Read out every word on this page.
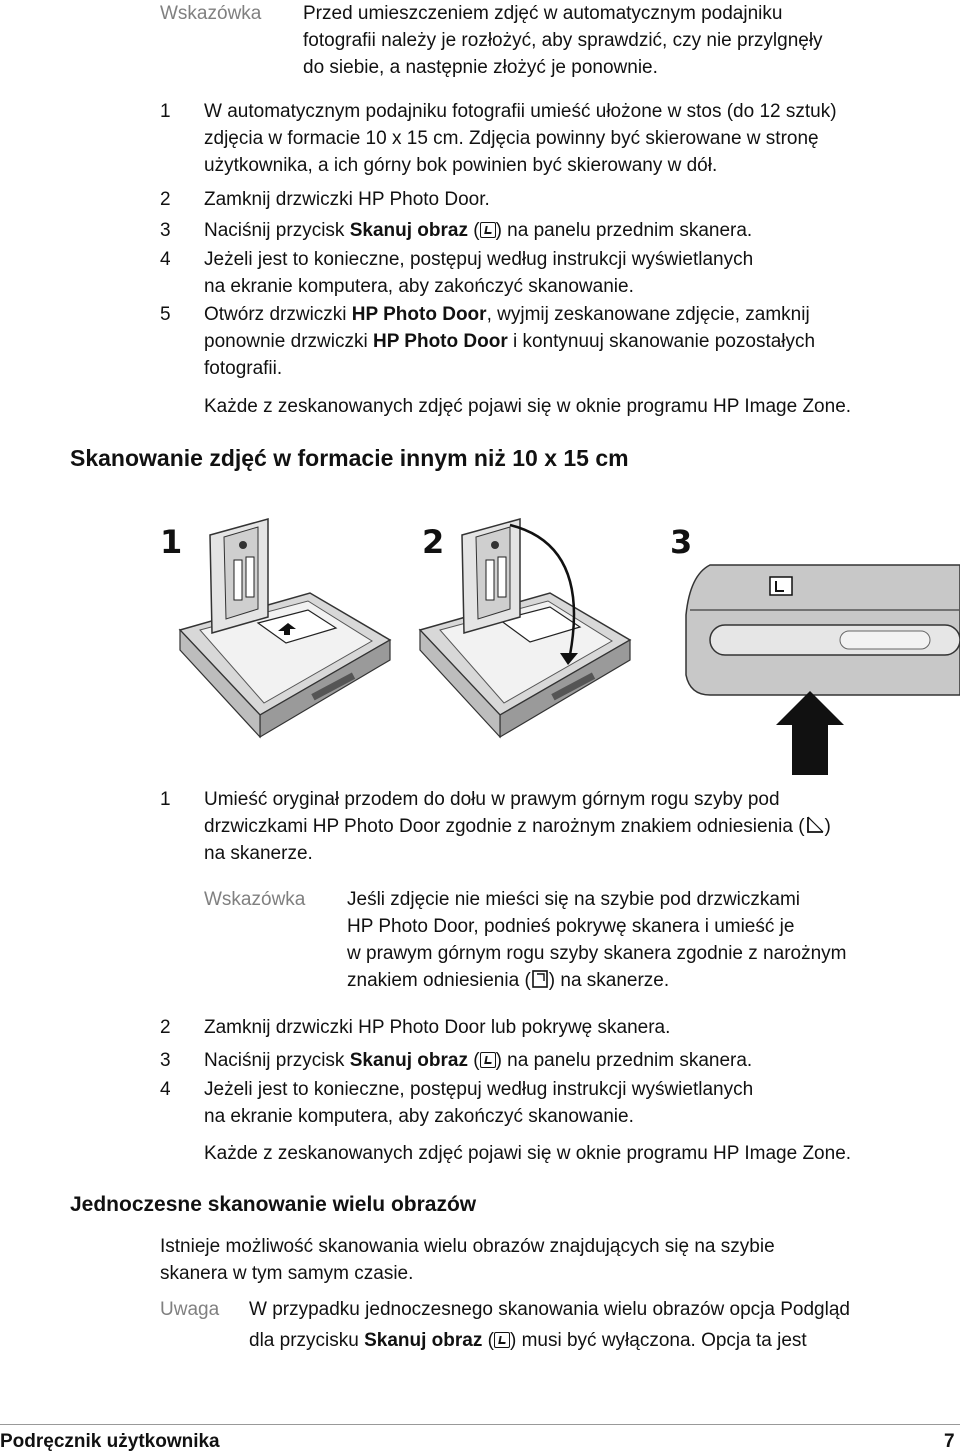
Wskazówka Przed umieszczeniem zdjęć w automatycznym podajniku
fotografii należy je rozłożyć, aby sprawdzić, czy nie przylgnęły
do siebie, a następnie złożyć je ponownie.
1 W automatycznym podajniku fotografii umieść ułożone w stos (do 12 sztuk)
zdjęcia w formacie 10 x 15 cm. Zdjęcia powinny być skierowane w stronę
użytkownika, a ich górny bok powinien być skierowany w dół.
2 Zamknij drzwiczki HP Photo Door.
3 Naciśnij przycisk Skanuj obraz ( ) na panelu przednim skanera.
4 Jeżeli jest to konieczne, postępuj według instrukcji wyświetlanych
na ekranie komputera, aby zakończyć skanowanie.
5 Otwórz drzwiczki HP Photo Door, wyjmij zeskanowane zdjęcie, zamknij
ponownie drzwiczki HP Photo Door i kontynuuj skanowanie pozostałych
fotografii.
Każde z zeskanowanych zdjęć pojawi się w oknie programu HP Image Zone.
Skanowanie zdjęć w formacie innym niż 10 x 15 cm
1	2	3
1 Umieść oryginał przodem do dołu w prawym górnym rogu szyby pod
drzwiczkami HP Photo Door zgodnie z narożnym znakiem odniesienia ( )
na skanerze.
Wskazówka Jeśli zdjęcie nie mieści się na szybie pod drzwiczkami
HP Photo Door, podnieś pokrywę skanera i umieść je
w prawym górnym rogu szyby skanera zgodnie z narożnym
znakiem odniesienia ( ) na skanerze.
2 Zamknij drzwiczki HP Photo Door lub pokrywę skanera.
3 Naciśnij przycisk Skanuj obraz ( ) na panelu przednim skanera.
4 Jeżeli jest to konieczne, postępuj według instrukcji wyświetlanych
na ekranie komputera, aby zakończyć skanowanie.
Każde z zeskanowanych zdjęć pojawi się w oknie programu HP Image Zone.
Jednoczesne skanowanie wielu obrazów
Istnieje możliwość skanowania wielu obrazów znajdujących się na szybie
skanera w tym samym czasie.
Uwaga W przypadku jednoczesnego skanowania wielu obrazów opcja Podgląd
dla przycisku Skanuj obraz ( ) musi być wyłączona. Opcja ta jest
Podręcznik użytkownika	7
